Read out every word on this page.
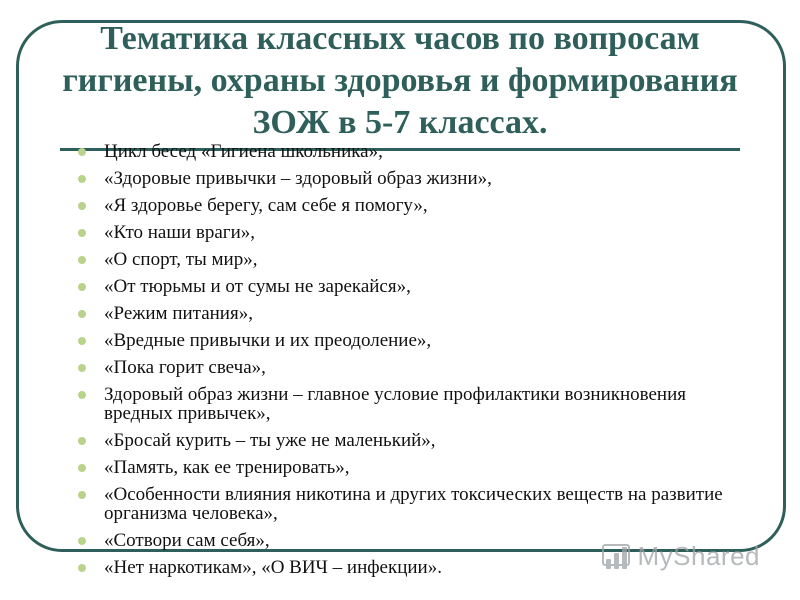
Тематика классных часов по вопросам гигиены, охраны здоровья и формирования ЗОЖ в 5-7 классах.
Цикл бесед «Гигиена школьника»,
«Здоровые привычки – здоровый образ жизни»,
«Я здоровье берегу, сам себе я помогу»,
«Кто наши враги»,
«О спорт, ты мир»,
«От тюрьмы и от сумы не зарекайся»,
«Режим питания»,
«Вредные привычки и их преодоление»,
«Пока горит свеча»,
Здоровый образ жизни – главное условие профилактики возникновения вредных привычек»,
«Бросай курить – ты уже не маленький»,
«Память, как ее тренировать»,
«Особенности влияния никотина и других токсических веществ на развитие организма человека»,
«Сотвори сам себя»,
«Нет наркотикам», «О ВИЧ – инфекции».	MyShared
